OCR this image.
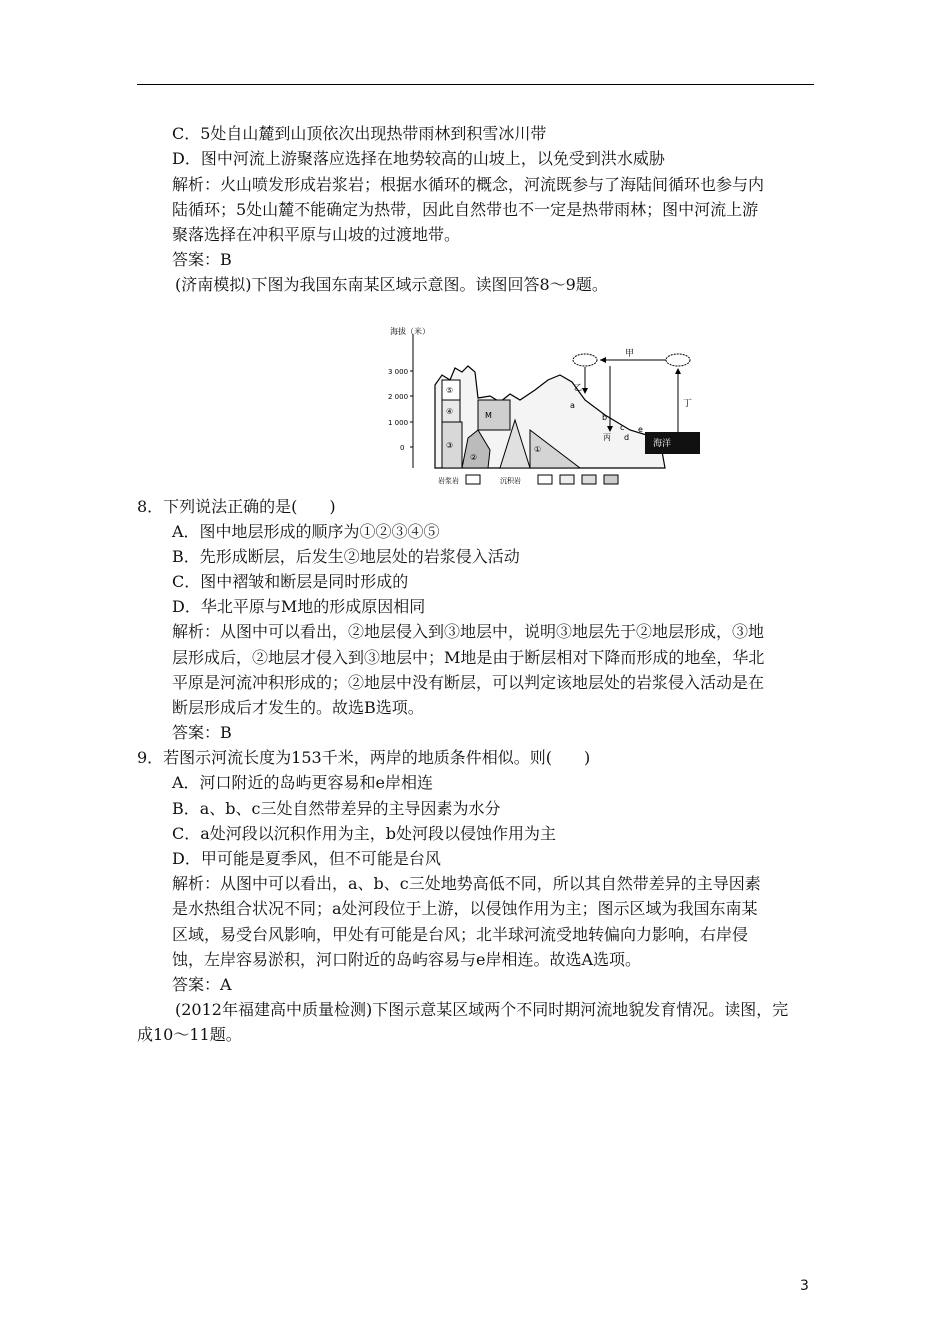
C．5处自山麓到山顶依次出现热带雨林到积雪冰川带
D．图中河流上游聚落应选择在地势较高的山坡上，以免受到洪水威胁
解析：火山喷发形成岩浆岩；根据水循环的概念，河流既参与了海陆间循环也参与内
陆循环；5处山麓不能确定为热带，因此自然带也不一定是热带雨林；图中河流上游
聚落选择在冲积平原与山坡的过渡地带。
答案：B
(济南模拟)下图为我国东南某区域示意图。读图回答8～9题。
海拔（米）
3 000
2 000
1 000
0	海洋
甲
乙
丁
a
b
c
d
e
丙
M
⑤
④
③
②
①
岩浆岩	沉积岩
8．下列说法正确的是(　　)
A．图中地层形成的顺序为①②③④⑤
B．先形成断层，后发生②地层处的岩浆侵入活动
C．图中褶皱和断层是同时形成的
D．华北平原与M地的形成原因相同
解析：从图中可以看出，②地层侵入到③地层中，说明③地层先于②地层形成，③地
层形成后，②地层才侵入到③地层中；M地是由于断层相对下降而形成的地垒，华北
平原是河流冲积形成的；②地层中没有断层，可以判定该地层处的岩浆侵入活动是在
断层形成后才发生的。故选B选项。
答案：B
9．若图示河流长度为153千米，两岸的地质条件相似。则(　　)
A．河口附近的岛屿更容易和e岸相连
B．a、b、c三处自然带差异的主导因素为水分
C．a处河段以沉积作用为主，b处河段以侵蚀作用为主
D．甲可能是夏季风，但不可能是台风
解析：从图中可以看出，a、b、c三处地势高低不同，所以其自然带差异的主导因素
是水热组合状况不同；a处河段位于上游，以侵蚀作用为主；图示区域为我国东南某
区域，易受台风影响，甲处有可能是台风；北半球河流受地转偏向力影响，右岸侵
蚀，左岸容易淤积，河口附近的岛屿容易与e岸相连。故选A选项。
答案：A
(2012年福建高中质量检测)下图示意某区域两个不同时期河流地貌发育情况。读图，完
成10～11题。
3
